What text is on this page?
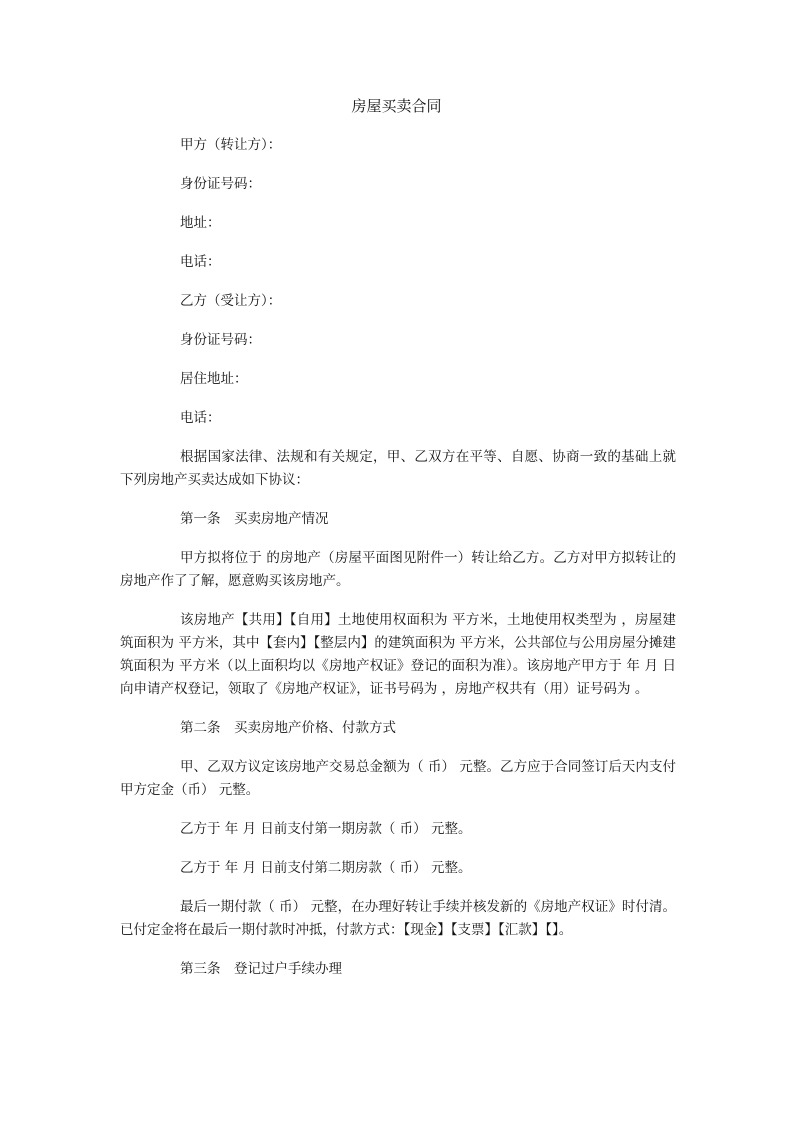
房屋买卖合同

甲方（转让方）：

身份证号码：

地址：

电话：

乙方（受让方）：

身份证号码：

居住地址：

电话：

根据国家法律、法规和有关规定，甲、乙双方在平等、自愿、协商一致的基础上就下列房地产买卖达成如下协议：

第一条　买卖房地产情况

甲方拟将位于 的房地产（房屋平面图见附件一）转让给乙方。乙方对甲方拟转让的房地产作了了解，愿意购买该房地产。

该房地产【共用】【自用】土地使用权面积为 平方米，土地使用权类型为 ，房屋建筑面积为 平方米，其中【套内】【整层内】的建筑面积为 平方米，公共部位与公用房屋分摊建筑面积为 平方米（以上面积均以《房地产权证》登记的面积为准）。该房地产甲方于 年 月 日向申请产权登记，领取了《房地产权证》，证书号码为 ，房地产权共有（用）证号码为 。

第二条　买卖房地产价格、付款方式

甲、乙双方议定该房地产交易总金额为（ 币） 元整。乙方应于合同签订后天内支付甲方定金（币） 元整。

乙方于 年 月 日前支付第一期房款（ 币） 元整。

乙方于 年 月 日前支付第二期房款（ 币） 元整。

最后一期付款（ 币） 元整，在办理好转让手续并核发新的《房地产权证》时付清。已付定金将在最后一期付款时冲抵，付款方式：【现金】【支票】【汇款】【】。

第三条　登记过户手续办理
